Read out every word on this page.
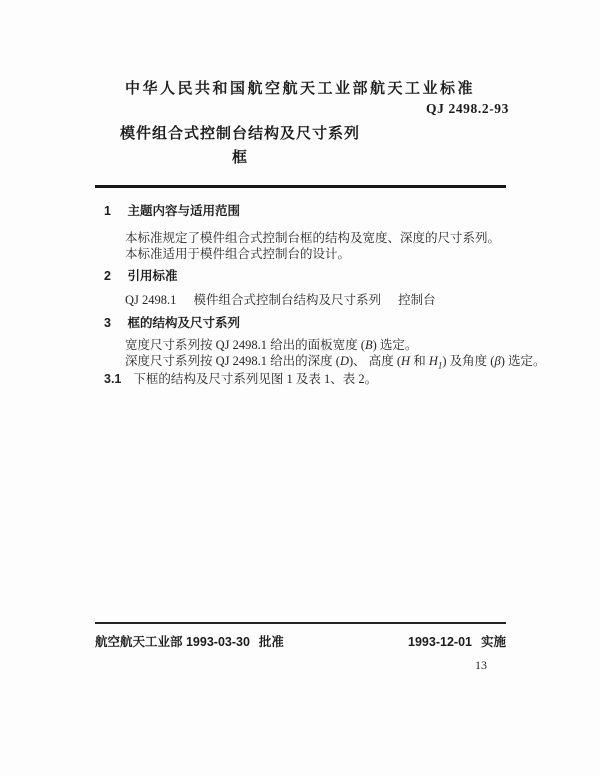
中华人民共和国航空航天工业部航天工业标准
QJ 2498.2-93
模件组合式控制台结构及尺寸系列
框
1 主题内容与适用范围
本标准规定了模件组合式控制台框的结构及宽度、深度的尺寸系列。
本标准适用于模件组合式控制台的设计。
2 引用标准
QJ 2498.1 模件组合式控制台结构及尺寸系列 控制台
3 框的结构及尺寸系列
宽度尺寸系列按 QJ 2498.1 给出的面板宽度 (B) 选定。
深度尺寸系列按 QJ 2498.1 给出的深度 (D)、 高度 (H 和 $H_1$) 及角度 (β) 选定。
3.1 下框的结构及尺寸系列见图 1 及表 1、表 2。
航空航天工业部 1993-03-30 批准	1993-12-01 实施
13
